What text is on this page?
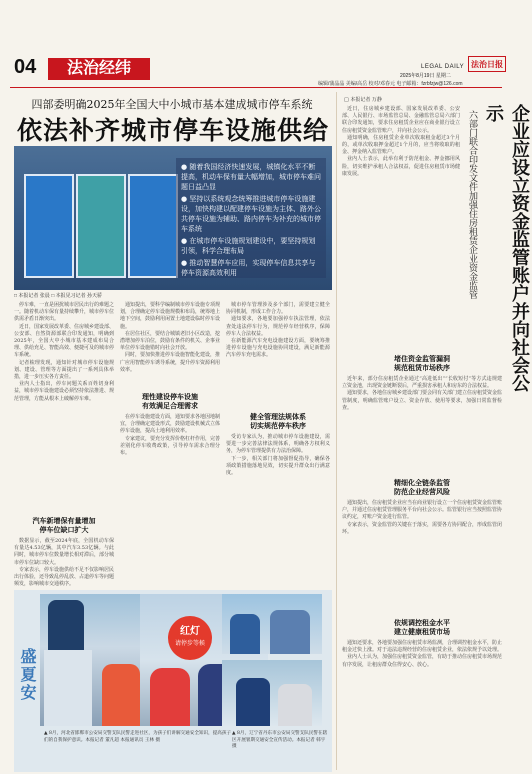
04	法治经纬	法治日报
LEGAL DAILY
2025年8月19日 星期二
编辑/蒲晶晶 美编/高岳 校对/邓春元 电子邮箱：fzrbfzjw@126.com
四部委明确2025年全国大中小城市基本建成城市停车系统
依法补齐城市停车设施供给

● 随着我国经济快速发展，城镇化水平不断提高，机动车保有量大幅增加，城市停车难问题日益凸显

● 坚持以系统观念统筹推进城市停车设施建设，加快构建以配建停车设施为主体、路外公共停车设施为辅助、路内停车为补充的城市停车系统

● 在城市停车设施规划建设中，要坚持规划引领，科学合理布局

● 推动智慧停车应用，实现停车信息共享与停车资源高效利用

□ 本报记者 张晨 □ 本报见习记者 孙天骄

停车难，一直是困扰城市居民出行的难题之一。随着机动车保有量持续攀升，城市停车位供需矛盾日渐突出。

近日，国家发展改革委、住房城乡建设部、公安部、自然资源部联合印发通知，明确到2025年，全国大中小城市基本建成布局合理、供给充足、智能高效、便捷可及的城市停车系统。

记者梳理发现，通知针对城市停车设施规划、建设、管理等方面提出了一系列具体举措，进一步压实各方责任。

业内人士指出，停车问题关系百姓切身利益，城市停车设施建设必须坚持依法推进、规范管理，方能从根本上破解停车难。

汽车新增保有量增加
停车位缺口扩大

数据显示，截至2024年底，全国机动车保有量达4.53亿辆，其中汽车3.53亿辆。与此同时，城市停车位数量增长相对滞后，部分城市停车位缺口较大。

专家表示，停车设施供给不足不仅影响居民出行体验，还导致乱停乱放、占道停车等问题频发，影响城市交通秩序。

通知提出，要科学编制城市停车设施专项规划，合理确定停车设施规模和布局，统筹地上地下空间，鼓励利用闲置土地建设临时停车设施。

在居住社区，要结合城镇老旧小区改造，挖潜增加停车泊位，鼓励有条件的机关、企事业单位停车设施错时向社会开放。

同时，要加快推进停车设施智能化建设，推广应用智能停车诱导系统，提升停车资源利用效率。

理性建设停车设施
有效满足合理需求

在停车设施建设方面，通知要求各地因地制宜，合理确定建设形式，鼓励建设机械式立体停车设施，提高土地利用效率。

专家建议，要充分发挥价格杠杆作用，完善差别化停车收费政策，引导停车需求合理分布。

城市停车管理涉及多个部门，需要建立健全协同机制，形成工作合力。

通知要求，各地要加强停车执法管理，依法查处违法停车行为，规范停车经营秩序，保障停车人合法权益。

在新能源汽车充电设施建设方面，要统筹推进停车设施与充电设施协同建设，满足新能源汽车停车充电需求。

健全管理法规体系
切实规范停车秩序

受访专家认为，推动城市停车设施建设，需要进一步完善法律法规体系，明确各方权利义务，为停车管理提供有力法治保障。

下一步，相关部门将加强督促指导，确保各项政策措施落地见效，切实提升群众出行满意度。

盛夏安
红灯
请停步等候
▲ 8月，河北省邯郸市公安局交警支队民警走进社区，为孩子们讲解交通安全知识，提高孩子们的自我保护意识。本报记者 董凡超 本报通讯员 王林 摄
▲ 8月，辽宁省丹东市公安局交警支队民警在辖区开展暑期交通安全宣传活动。本报记者 韩宇 摄
□ 本报记者 万静

近日，住房城乡建设部、国家发展改革委、公安部、人民银行、市场监管总局、金融监管总局六部门联合印发通知，要求住房租赁企业应在商业银行设立住房租赁资金监管账户，并向社会公示。

通知明确，住房租赁企业单次收取租金超过3个月的，或单次收取押金超过1个月的，应当将收取的租金、押金纳入监管账户。

业内人士表示，此举有利于防范租金、押金挪用风险，切实维护承租人合法权益，促进住房租赁市场健康发展。	企业应设立资金监管账户并向社会公示
六部门联合印发文件加强住房租赁企业资金监管
堵住资金监管漏洞
规范租赁市场秩序

近年来，部分住房租赁企业通过“高进低出”“长收短付”等方式违规建立资金池，出现资金链断裂后，严重损害承租人和房东的合法权益。

通知要求，各地住房城乡建设部门要会同有关部门建立住房租赁资金监管制度，明确监管账户设立、资金存放、使用等要求，加强日常监督检查。

精细化全链条监管
防范企业经营风险

通知提出，住房租赁企业应当在商业银行设立一个住房租赁资金监管账户，并通过住房租赁管理服务平台向社会公示。监管银行应当按照监管协议约定，对账户资金进行监管。

专家表示，资金监管的关键在于落实，需要各方协同配合，形成监管闭环。

依规调控租金水平
建立健康租赁市场

通知还要求，各地要加强住房租赁市场监测，合理调控租金水平，防止租金过快上涨。对于违法违规经营的住房租赁企业，依法依规予以处理。

业内人士认为，加强住房租赁资金监管，有助于推动住房租赁市场规范有序发展，让租房群众住得安心、放心。
